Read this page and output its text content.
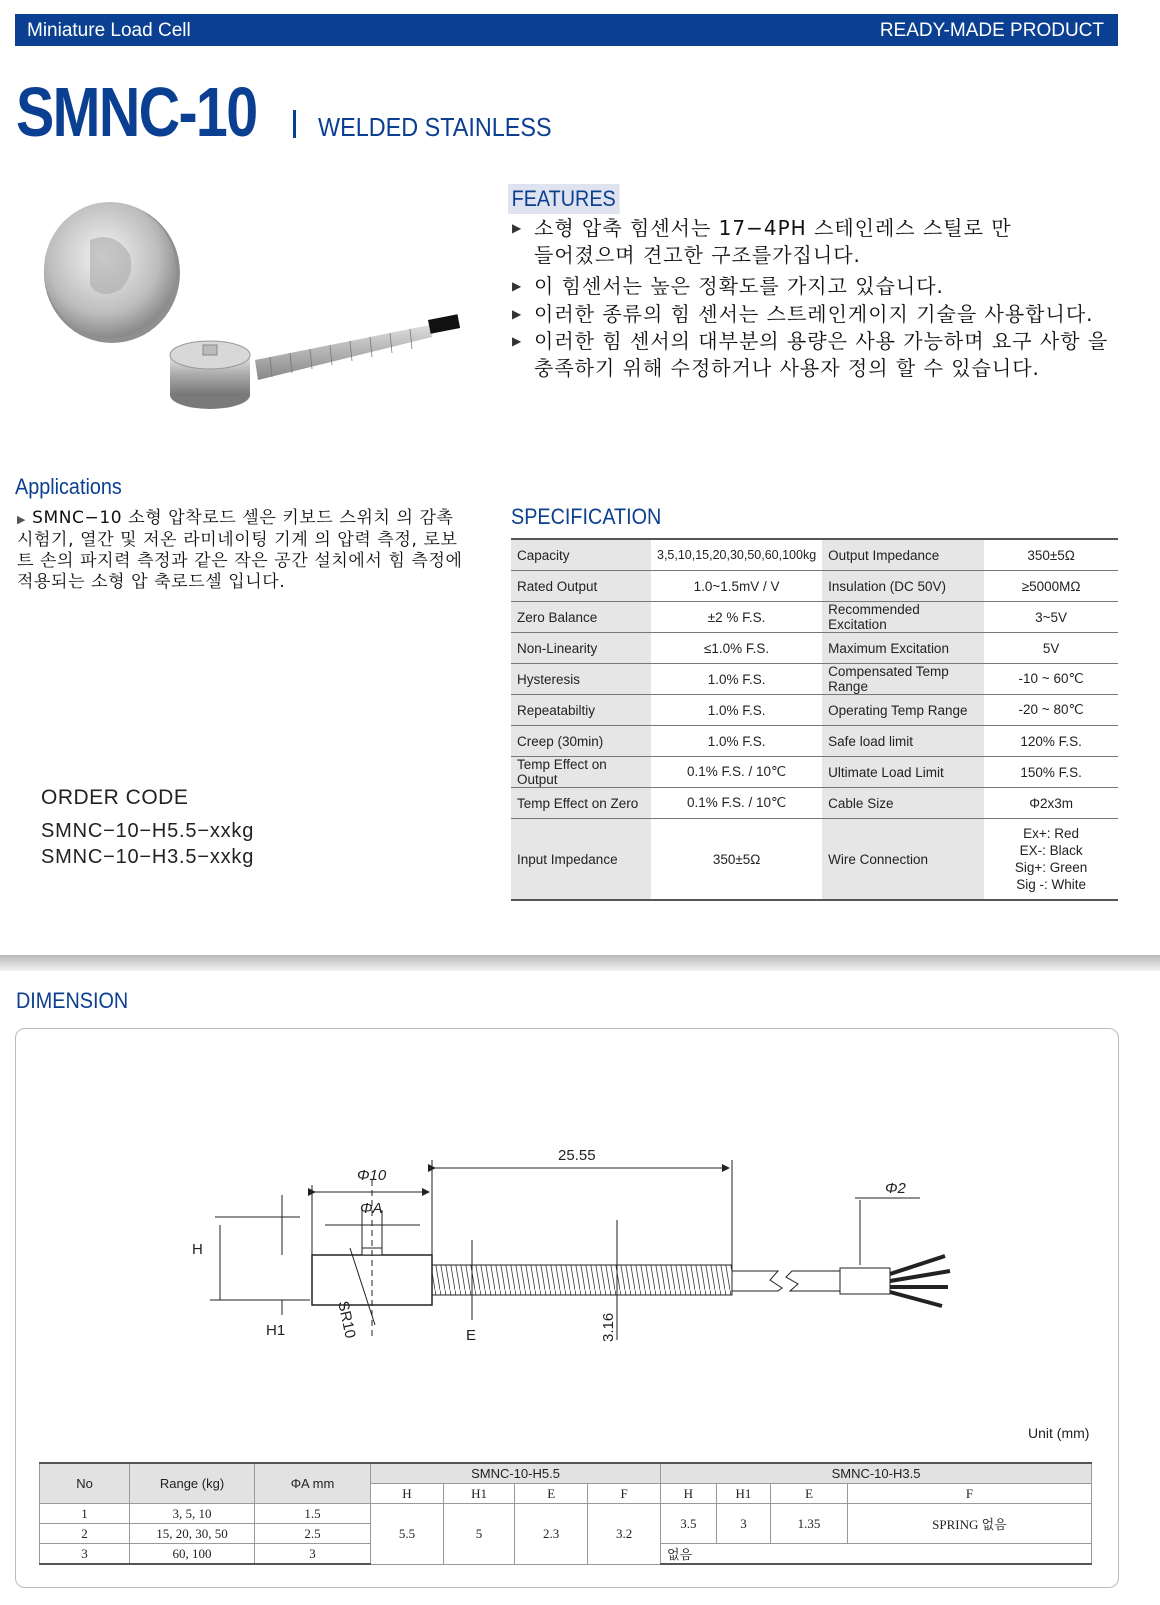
Miniature Load Cell	READY-MADE PRODUCT
SMNC-10 WELDED STAINLESS
FEATURES
▶ 소형 압축 힘센서는 17−4PH 스테인레스 스틸로 만 들어졌으며 견고한 구조를가집니다.
▶ 이 힘센서는 높은 정확도를 가지고 있습니다.
▶ 이러한 종류의 힘 센서는 스트레인게이지 기술을 사용합니다.
▶ 이러한 힘 센서의 대부분의 용량은 사용 가능하며 요구 사항 을 충족하기 위해 수정하거나 사용자 정의 할 수 있습니다.
Applications
▶ SMNC−10 소형 압착로드 셀은 키보드 스위치 의 감촉 시험기, 열간 및 저온 라미네이팅 기계 의 압력 측정, 로보트 손의 파지력 측정과 같은 작은 공간 설치에서 힘 측정에적용되는 소형 압 축로드셀 입니다.
ORDER CODE
SMNC−10−H5.5−xxkg
SMNC−10−H3.5−xxkg
SPECIFICATION
Capacity	3,5,10,15,20,30,50,60,100kg	Output Impedance	350±5Ω
Rated Output	1.0~1.5mV / V	Insulation (DC 50V)	≥5000MΩ
Zero Balance	±2 % F.S.	Recommended Excitation	3~5V
Non-Linearity	≤1.0% F.S.	Maximum Excitation	5V
Hysteresis	1.0% F.S.	Compensated Temp Range	-10 ~ 60℃
Repeatabiltiy	1.0% F.S.	Operating Temp Range	-20 ~ 80℃
Creep (30min)	1.0% F.S.	Safe load limit	120% F.S.
Temp Effect on Output	0.1% F.S. / 10℃	Ultimate Load Limit	150% F.S.
Temp Effect on Zero	0.1% F.S. / 10℃	Cable Size	Φ2x3m
Input Impedance	350±5Ω	Wire Connection	Ex+: Red
EX-: Black
Sig+: Green
Sig -: White
DIMENSION
Φ10
ΦA
25.55
Φ2
H
H1	SR10	E	3.16
Unit (mm)
No	Range (kg)	ΦA mm	SMNC-10-H5.5				SMNC-10-H3.5			
			H	H1	E	F	H	H1	E	F
1	3, 5, 10	1.5	5.5	5	2.3	3.2	3.5	3	1.35	SPRING 없음
2	15, 20, 30, 50	2.5								
3	60, 100	3					없음			
